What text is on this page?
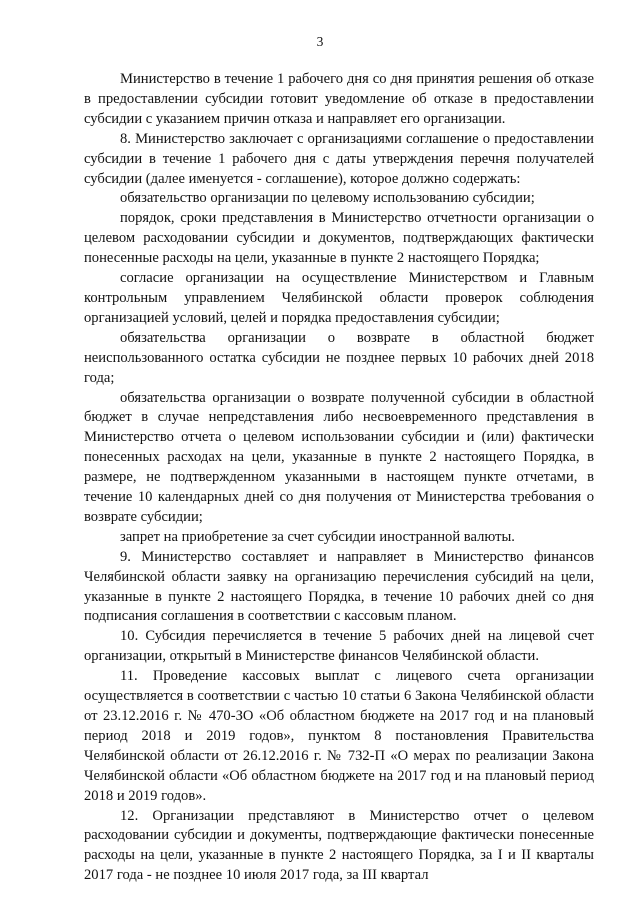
3

Министерство в течение 1 рабочего дня со дня принятия решения об отказе в предоставлении субсидии готовит уведомление об отказе в предоставлении субсидии с указанием причин отказа и направляет его организации.

8. Министерство заключает с организациями соглашение о предоставлении субсидии в течение 1 рабочего дня с даты утверждения перечня получателей субсидии (далее именуется - соглашение), которое должно содержать:

обязательство организации по целевому использованию субсидии;

порядок, сроки представления в Министерство отчетности организации о целевом расходовании субсидии и документов, подтверждающих фактически понесенные расходы на цели, указанные в пункте 2 настоящего Порядка;

согласие организации на осуществление Министерством и Главным контрольным управлением Челябинской области проверок соблюдения организацией условий, целей и порядка предоставления субсидии;

обязательства организации о возврате в областной бюджет неиспользованного остатка субсидии не позднее первых 10 рабочих дней 2018 года;

обязательства организации о возврате полученной субсидии в областной бюджет в случае непредставления либо несвоевременного представления в Министерство отчета о целевом использовании субсидии и (или) фактически понесенных расходах на цели, указанные в пункте 2 настоящего Порядка, в размере, не подтвержденном указанными в настоящем пункте отчетами, в течение 10 календарных дней со дня получения от Министерства требования о возврате субсидии;

запрет на приобретение за счет субсидии иностранной валюты.

9. Министерство составляет и направляет в Министерство финансов Челябинской области заявку на организацию перечисления субсидий на цели, указанные в пункте 2 настоящего Порядка, в течение 10 рабочих дней со дня подписания соглашения в соответствии с кассовым планом.

10. Субсидия перечисляется в течение 5 рабочих дней на лицевой счет организации, открытый в Министерстве финансов Челябинской области.

11. Проведение кассовых выплат с лицевого счета организации осуществляется в соответствии с частью 10 статьи 6 Закона Челябинской области от 23.12.2016 г. № 470-ЗО «Об областном бюджете на 2017 год и на плановый период 2018 и 2019 годов», пунктом 8 постановления Правительства Челябинской области от 26.12.2016 г. № 732-П «О мерах по реализации Закона Челябинской области «Об областном бюджете на 2017 год и на плановый период 2018 и 2019 годов».

12. Организации представляют в Министерство отчет о целевом расходовании субсидии и документы, подтверждающие фактически понесенные расходы на цели, указанные в пункте 2 настоящего Порядка, за I и II кварталы 2017 года - не позднее 10 июля 2017 года, за III квартал
